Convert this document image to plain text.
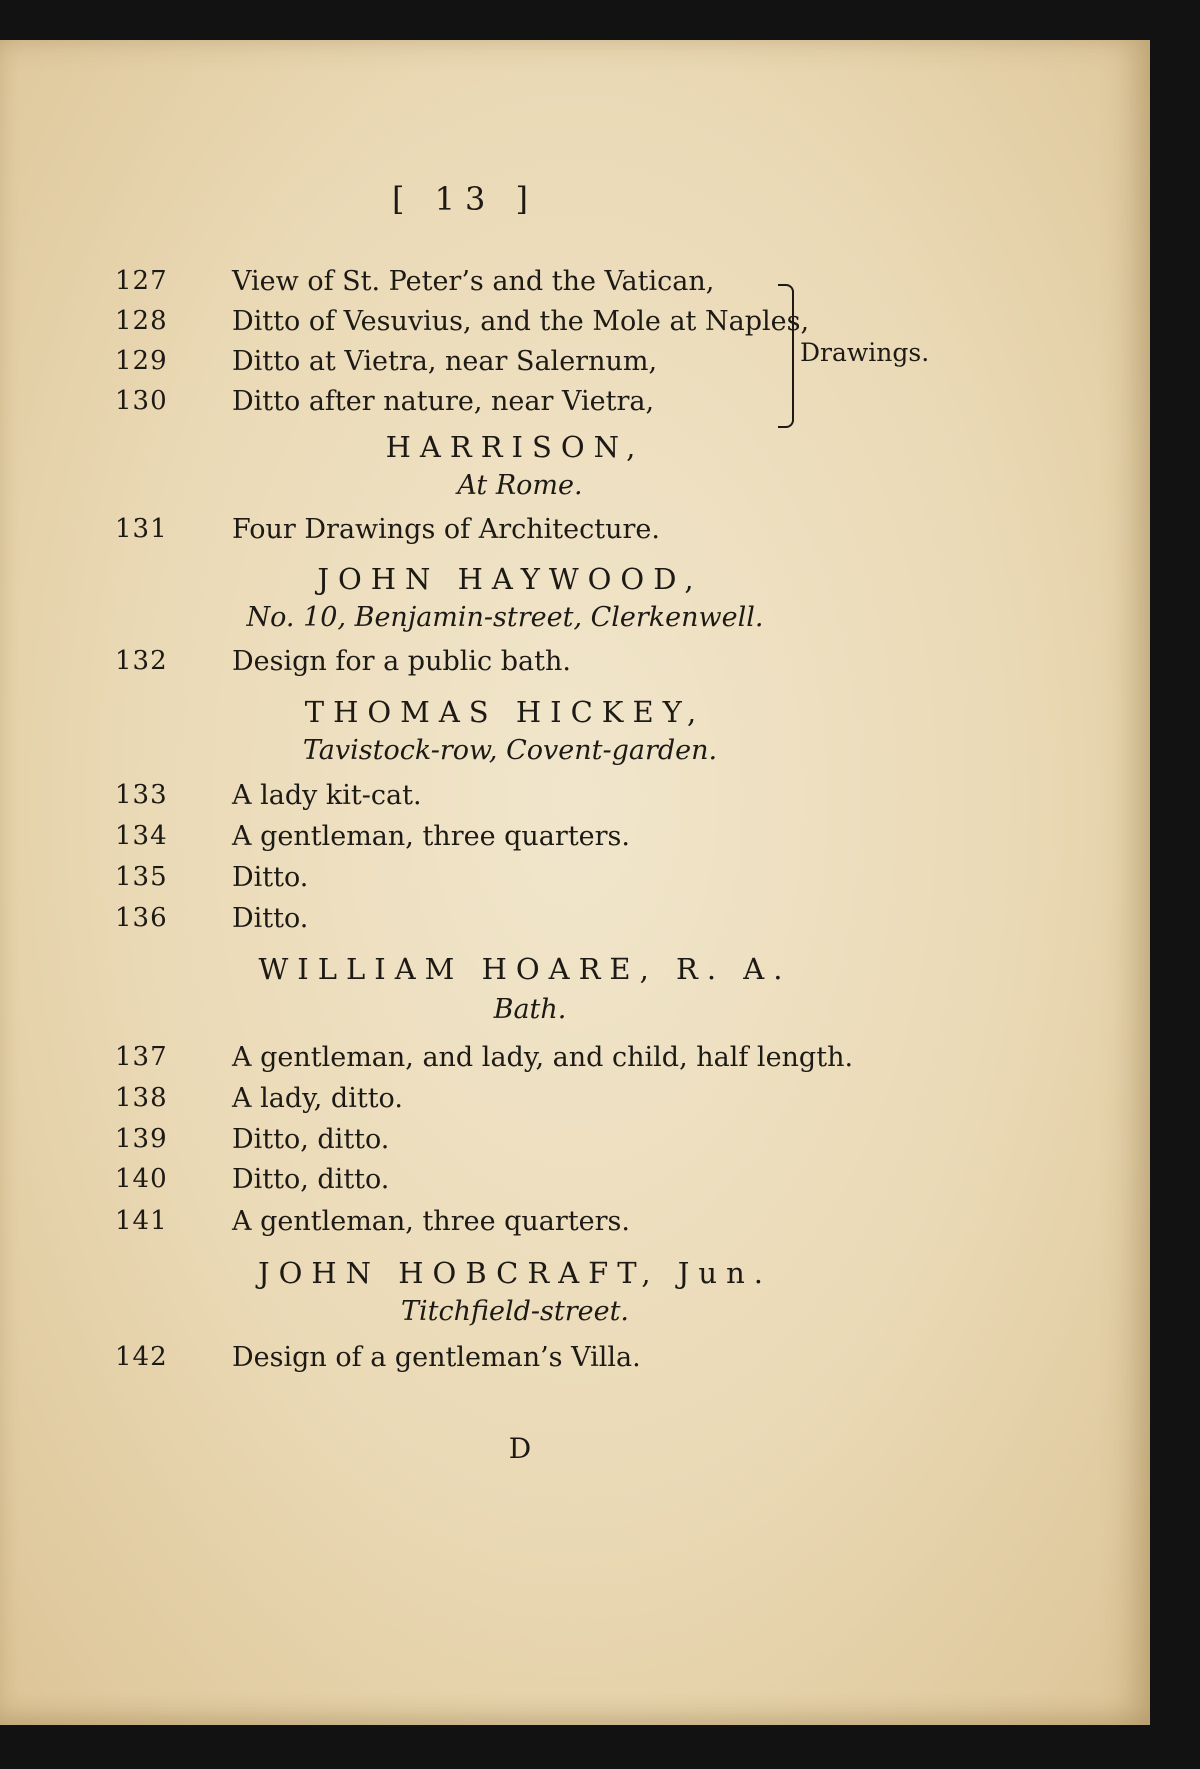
[ 13 ]
127 View of St. Peter’s and the Vatican,
128 Ditto of Vesuvius, and the Mole at Naples,
129 Ditto at Vietra, near Salernum,
130 Ditto after nature, near Vietra,
Drawings.
HARRISON,
At Rome.
131 Four Drawings of Architecture.
JOHN HAYWOOD,
No. 10, Benjamin-street, Clerkenwell.
132 Design for a public bath.
THOMAS HICKEY,
Tavistock-row, Covent-garden.
133 A lady kit-cat.
134 A gentleman, three quarters.
135 Ditto.
136 Ditto.
WILLIAM HOARE, R. A.
Bath.
137 A gentleman, and lady, and child, half length.
138 A lady, ditto.
139 Ditto, ditto.
140 Ditto, ditto.
141 A gentleman, three quarters.
JOHN HOBCRAFT, Jun.
Titchfield-street.
142 Design of a gentleman’s Villa.
D
